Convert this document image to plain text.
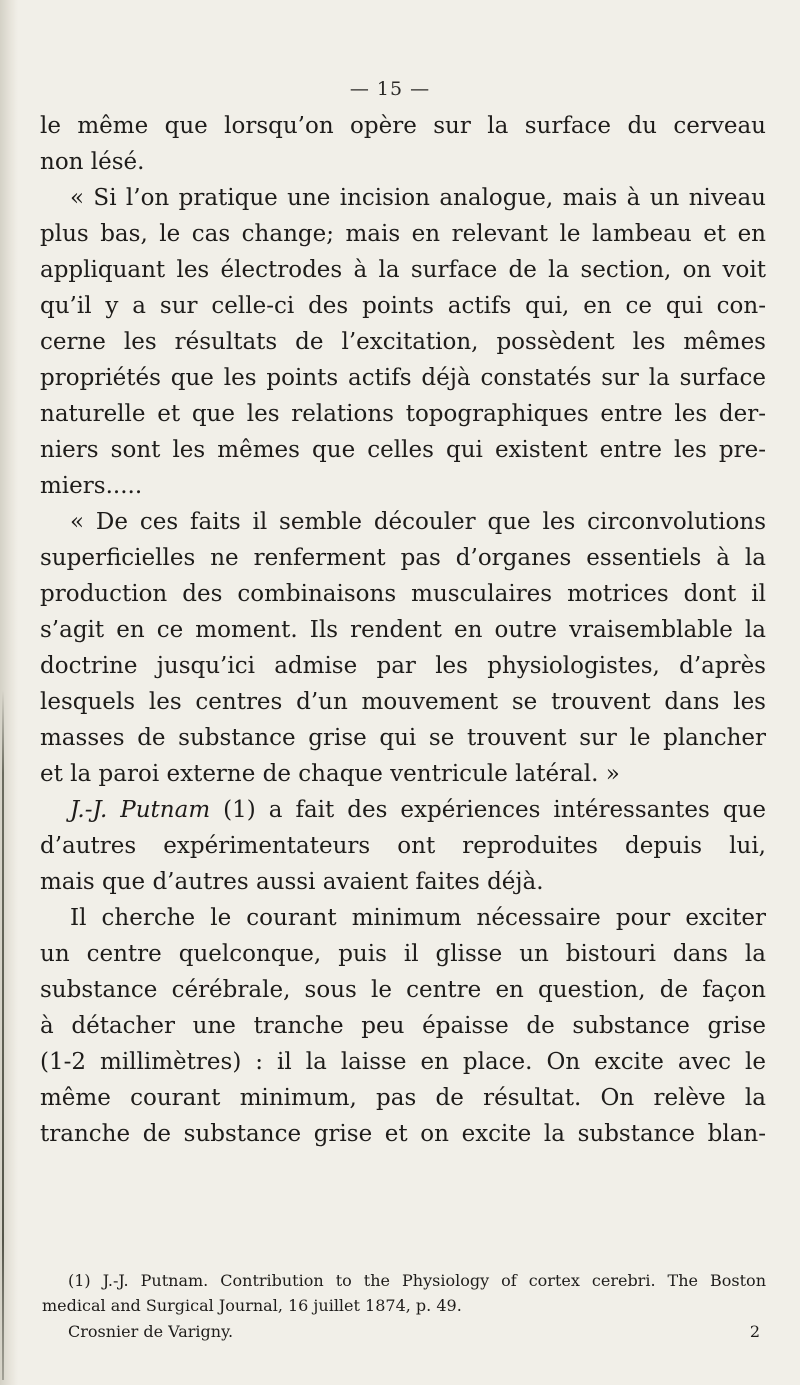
— 15 —
le même que lorsqu’on opère sur la surface du cerveau
non lésé.
« Si l’on pratique une incision analogue, mais à un niveau
plus bas, le cas change; mais en relevant le lambeau et en
appliquant les électrodes à la surface de la section, on voit
qu’il y a sur celle-ci des points actifs qui, en ce qui con-
cerne les résultats de l’excitation, possèdent les mêmes
propriétés que les points actifs déjà constatés sur la surface
naturelle et que les relations topographiques entre les der-
niers sont les mêmes que celles qui existent entre les pre-
miers.....
« De ces faits il semble découler que les circonvolutions
superficielles ne renferment pas d’organes essentiels à la
production des combinaisons musculaires motrices dont il
s’agit en ce moment. Ils rendent en outre vraisemblable la
doctrine jusqu’ici admise par les physiologistes, d’après
lesquels les centres d’un mouvement se trouvent dans les
masses de substance grise qui se trouvent sur le plancher
et la paroi externe de chaque ventricule latéral. »
J.-J. Putnam (1) a fait des expériences intéressantes que
d’autres expérimentateurs ont reproduites depuis lui,
mais que d’autres aussi avaient faites déjà.
Il cherche le courant minimum nécessaire pour exciter
un centre quelconque, puis il glisse un bistouri dans la
substance cérébrale, sous le centre en question, de façon
à détacher une tranche peu épaisse de substance grise
(1-2 millimètres) : il la laisse en place. On excite avec le
même courant minimum, pas de résultat. On relève la
tranche de substance grise et on excite la substance blan-
(1) J.-J. Putnam. Contribution to the Physiology of cortex cerebri. The Boston
medical and Surgical Journal, 16 juillet 1874, p. 49.
Crosnier de Varigny.	2
